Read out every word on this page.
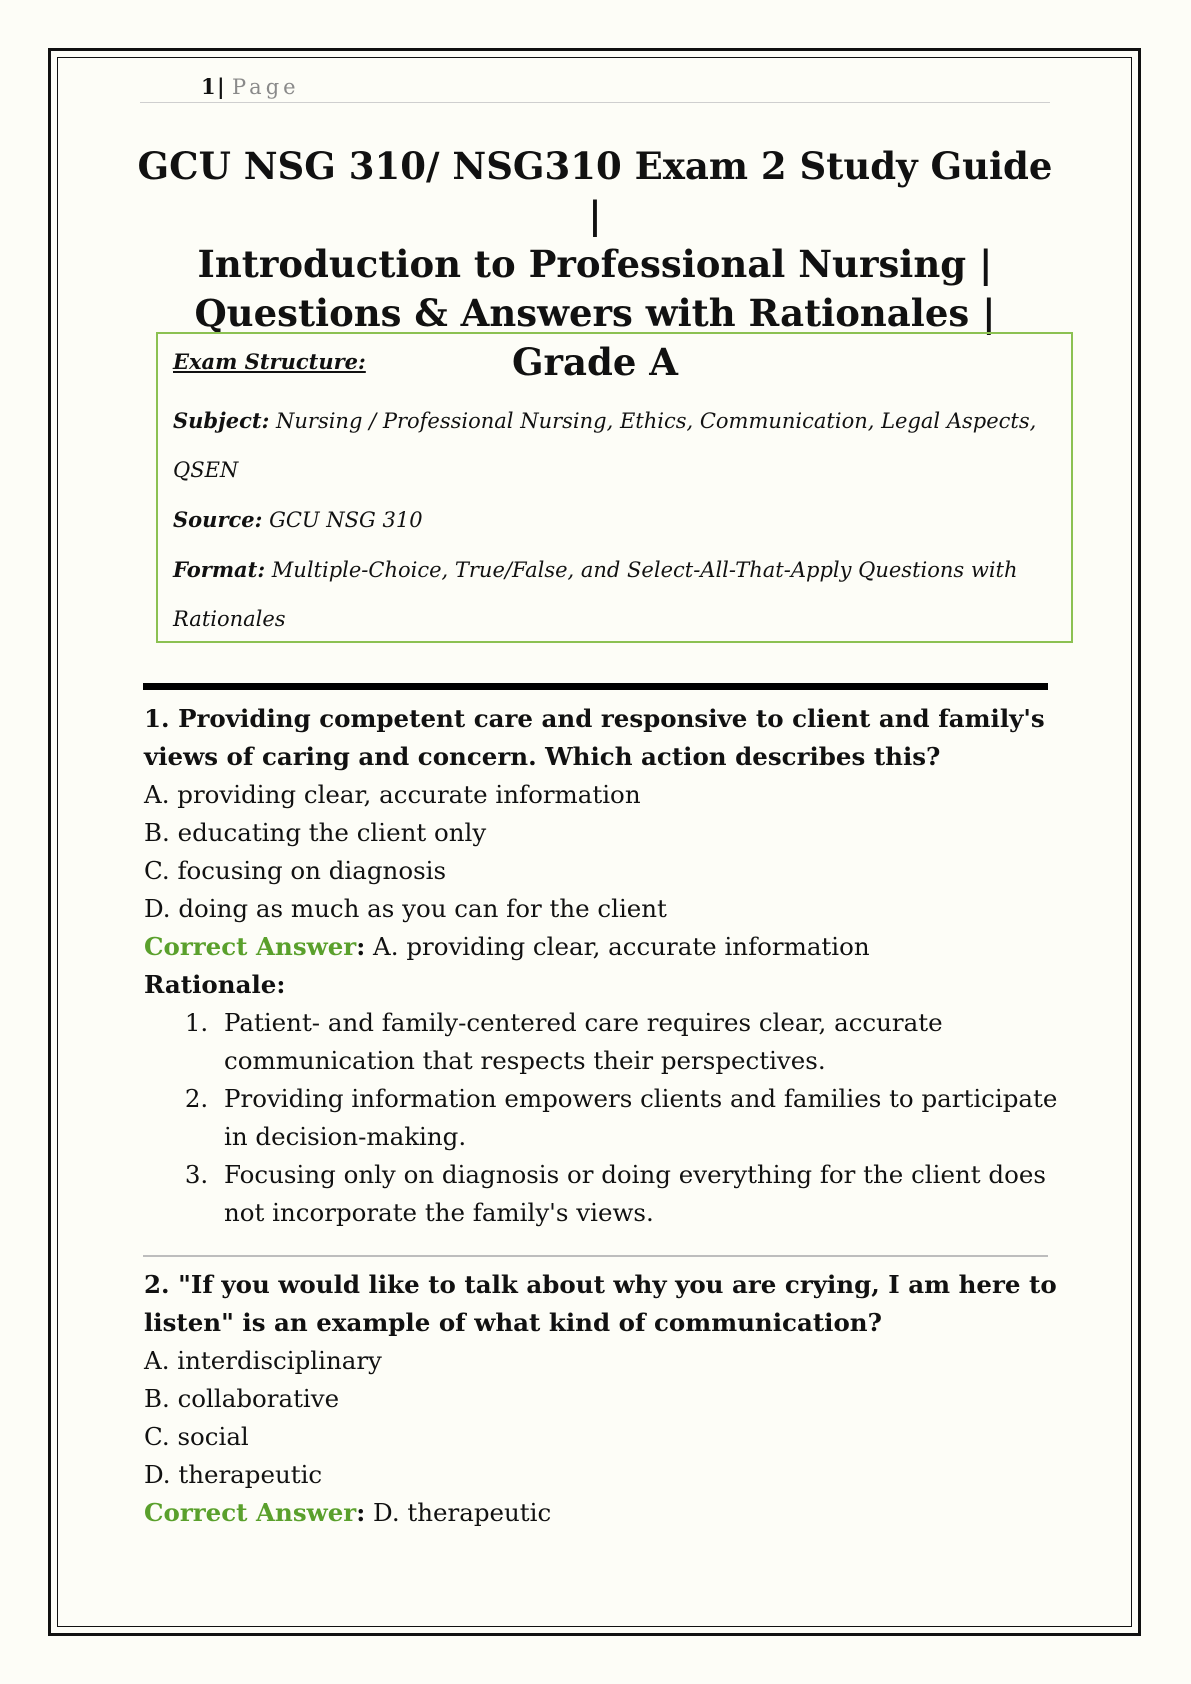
1 | Page
GCU NSG 310/ NSG310 Exam 2 Study Guide |
Introduction to Professional Nursing |
Questions & Answers with Rationales | Grade A
Exam Structure:
Subject: Nursing / Professional Nursing, Ethics, Communication, Legal Aspects,
QSEN
Source: GCU NSG 310
Format: Multiple-Choice, True/False, and Select-All-That-Apply Questions with
Rationales
1. Providing competent care and responsive to client and family's views of caring and concern. Which action describes this?
A. providing clear, accurate information
B. educating the client only
C. focusing on diagnosis
D. doing as much as you can for the client
Correct Answer: A. providing clear, accurate information
Rationale:
1. Patient- and family-centered care requires clear, accurate communication that respects their perspectives.
2. Providing information empowers clients and families to participate in decision-making.
3. Focusing only on diagnosis or doing everything for the client does not incorporate the family's views.
2. "If you would like to talk about why you are crying, I am here to listen" is an example of what kind of communication?
A. interdisciplinary
B. collaborative
C. social
D. therapeutic
Correct Answer: D. therapeutic
